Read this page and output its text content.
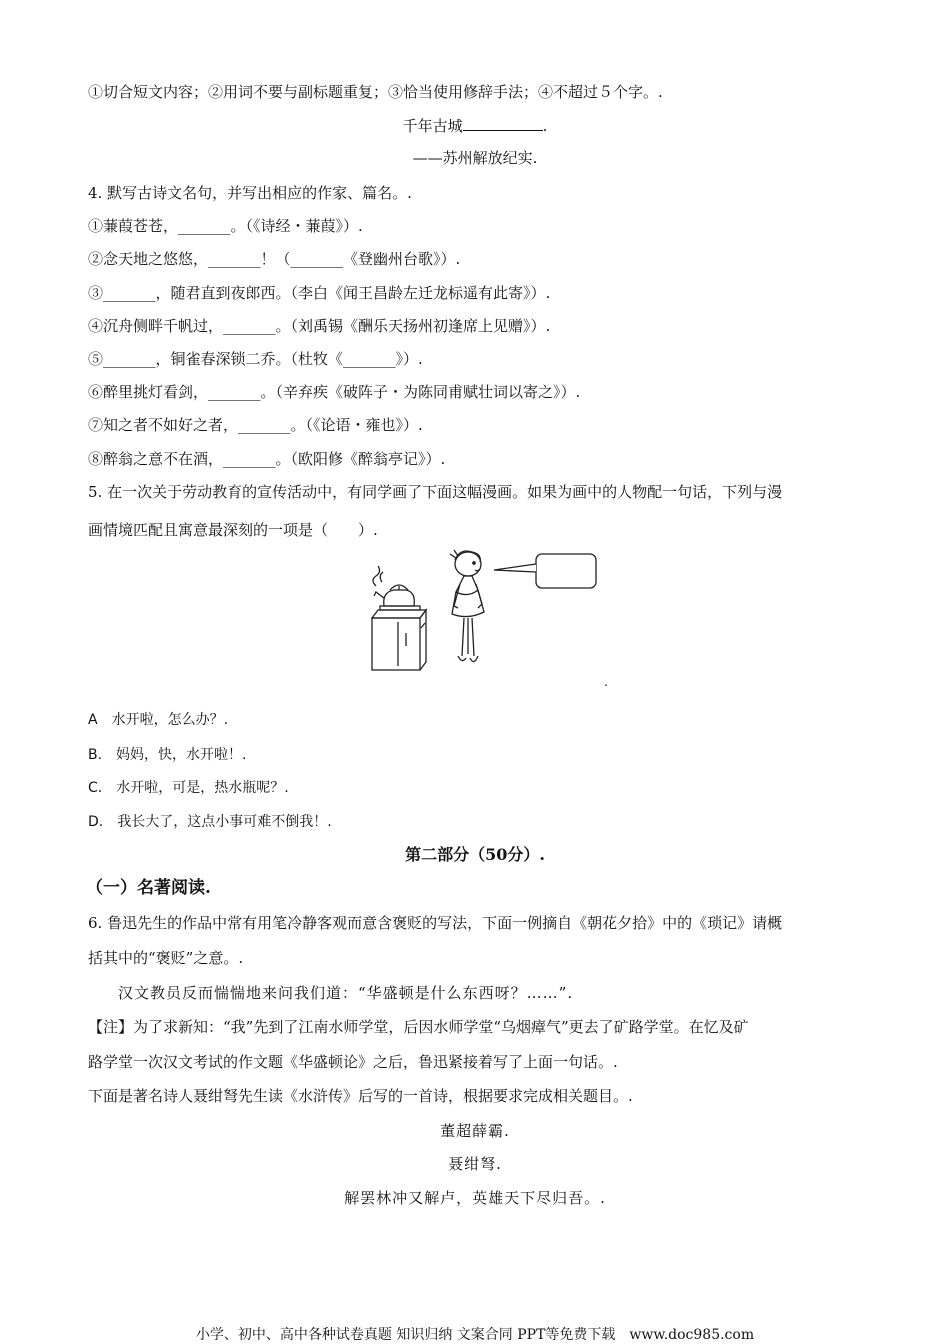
①切合短文内容；②用词不要与副标题重复；③恰当使用修辞手法；④不超过５个字。.
千年古城	.
——苏州解放纪实.
4. 默写古诗文名句，并写出相应的作家、篇名。.
①蒹葭苍苍，_______。（《诗经・蒹葭》）.
②念天地之悠悠，_______！（_______《登幽州台歌》）.
③_______，随君直到夜郎西。（李白《闻王昌龄左迁龙标遥有此寄》）.
④沉舟侧畔千帆过，_______。（刘禹锡《酬乐天扬州初逢席上见赠》）.
⑤_______，铜雀春深锁二乔。（杜牧《_______》）.
⑥醉里挑灯看剑，_______。（辛弃疾《破阵子・为陈同甫赋壮词以寄之》）.
⑦知之者不如好之者，_______。（《论语・雍也》）.
⑧醉翁之意不在酒，_______。（欧阳修《醉翁亭记》）.
5. 在一次关于劳动教育的宣传活动中，有同学画了下面这幅漫画。如果为画中的人物配一句话，下列与漫
画情境匹配且寓意最深刻的一项是（　　）.
.
A　水开啦，怎么办？.
B.　妈妈，快，水开啦！.
C.　水开啦，可是，热水瓶呢？.
D.　我长大了，这点小事可难不倒我！.
第二部分（50分）.
（一）名著阅读.
6. 鲁迅先生的作品中常有用笔冷静客观而意含褒贬的写法，下面一例摘自《朝花夕拾》中的《琐记》请概
括其中的“褒贬”之意。.
汉文教员反而惴惴地来问我们道：“华盛顿是什么东西呀？……”.
【注】为了求新知：“我”先到了江南水师学堂，后因水师学堂“乌烟瘴气”更去了矿路学堂。在忆及矿
路学堂一次汉文考试的作文题《华盛顿论》之后，鲁迅紧接着写了上面一句话。.
下面是著名诗人聂绀弩先生读《水浒传》后写的一首诗，根据要求完成相关题目。.
董超薛霸.
聂绀弩.
解罢林冲又解卢，英雄天下尽归吾。.
小学、初中、高中各种试卷真题 知识归纳 文案合同 PPT等免费下载　www.doc985.com
